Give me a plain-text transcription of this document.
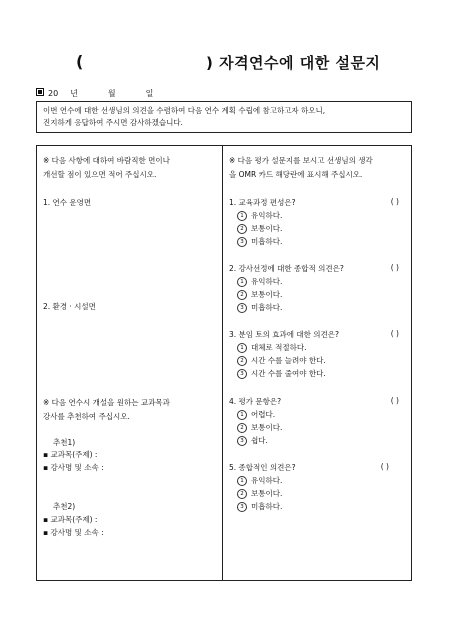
(	) 자격연수에 대한 설문지
20 년	월	일
이번 연수에 대한 선생님의 의견을 수렴하여 다음 연수 계획 수립에 참고하고자 하오니,
진지하게 응답하여 주시면 감사하겠습니다.
※ 다음 사항에 대하여 바람직한 면이나
개선할 점이 있으면 적어 주십시오.
1. 연수 운영면
2. 환경 · 시설면
※ 다음 연수시 개설을 원하는 교과목과
강사를 추천하여 주십시오.
추천1)
▪ 교과목(주제) :
▪ 강사명 및 소속 :
추천2)
▪ 교과목(주제) :
▪ 강사명 및 소속 :
※ 다음 평가 설문지를 보시고 선생님의 생각
을 OMR 카드 해당란에 표시해 주십시오.
1. 교육과정 편성은?	( )
1 유익하다.
2 보통이다.
3 미흡하다.
2. 강사선정에 대한 종합적 의견은?	( )
1 유익하다.
2 보통이다.
3 미흡하다.
3. 분임 토의 효과에 대한 의견은?	( )
1 대체로 적절하다.
2 시간 수를 늘려야 한다.
3 시간 수를 줄여야 한다.
4. 평가 문항은?	( )
1 어렵다.
2 보통이다.
3 쉽다.
5. 종합적인 의견은?	( )
1 유익하다.
2 보통이다.
3 미흡하다.
